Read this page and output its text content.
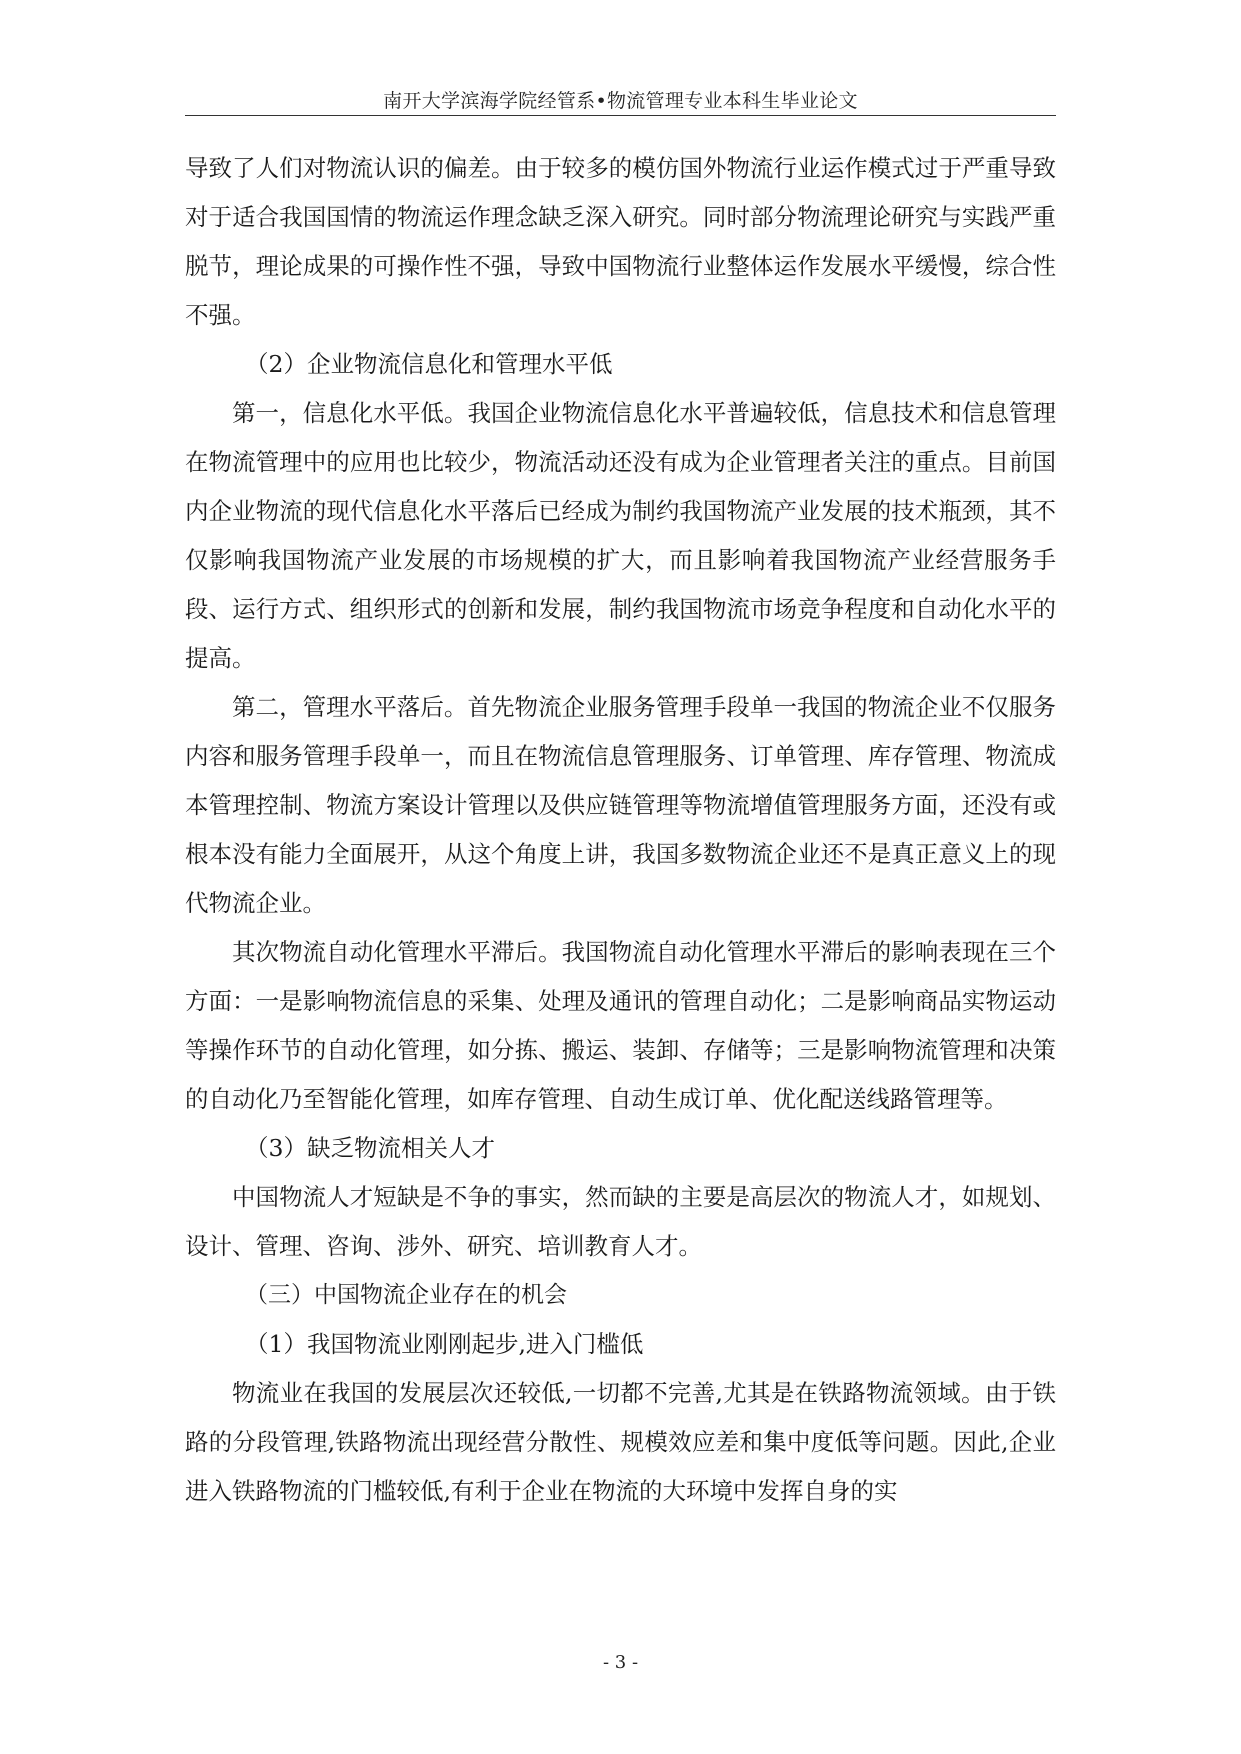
南开大学滨海学院经管系•物流管理专业本科生毕业论文

导致了人们对物流认识的偏差。由于较多的模仿国外物流行业运作模式过于严重导致对于适合我国国情的物流运作理念缺乏深入研究。同时部分物流理论研究与实践严重脱节，理论成果的可操作性不强，导致中国物流行业整体运作发展水平缓慢，综合性不强。

（2）企业物流信息化和管理水平低

第一，信息化水平低。我国企业物流信息化水平普遍较低，信息技术和信息管理在物流管理中的应用也比较少，物流活动还没有成为企业管理者关注的重点。目前国内企业物流的现代信息化水平落后已经成为制约我国物流产业发展的技术瓶颈，其不仅影响我国物流产业发展的市场规模的扩大，而且影响着我国物流产业经营服务手段、运行方式、组织形式的创新和发展，制约我国物流市场竞争程度和自动化水平的提高。

第二，管理水平落后。首先物流企业服务管理手段单一我国的物流企业不仅服务内容和服务管理手段单一，而且在物流信息管理服务、订单管理、库存管理、物流成本管理控制、物流方案设计管理以及供应链管理等物流增值管理服务方面，还没有或根本没有能力全面展开，从这个角度上讲，我国多数物流企业还不是真正意义上的现代物流企业。

其次物流自动化管理水平滞后。我国物流自动化管理水平滞后的影响表现在三个方面：一是影响物流信息的采集、处理及通讯的管理自动化；二是影响商品实物运动等操作环节的自动化管理，如分拣、搬运、装卸、存储等；三是影响物流管理和决策的自动化乃至智能化管理，如库存管理、自动生成订单、优化配送线路管理等。

（3）缺乏物流相关人才

中国物流人才短缺是不争的事实，然而缺的主要是高层次的物流人才，如规划、设计、管理、咨询、涉外、研究、培训教育人才。

（三）中国物流企业存在的机会

（1）我国物流业刚刚起步,进入门槛低

物流业在我国的发展层次还较低,一切都不完善,尤其是在铁路物流领域。由于铁路的分段管理,铁路物流出现经营分散性、规模效应差和集中度低等问题。因此,企业进入铁路物流的门槛较低,有利于企业在物流的大环境中发挥自身的实

- 3 -
